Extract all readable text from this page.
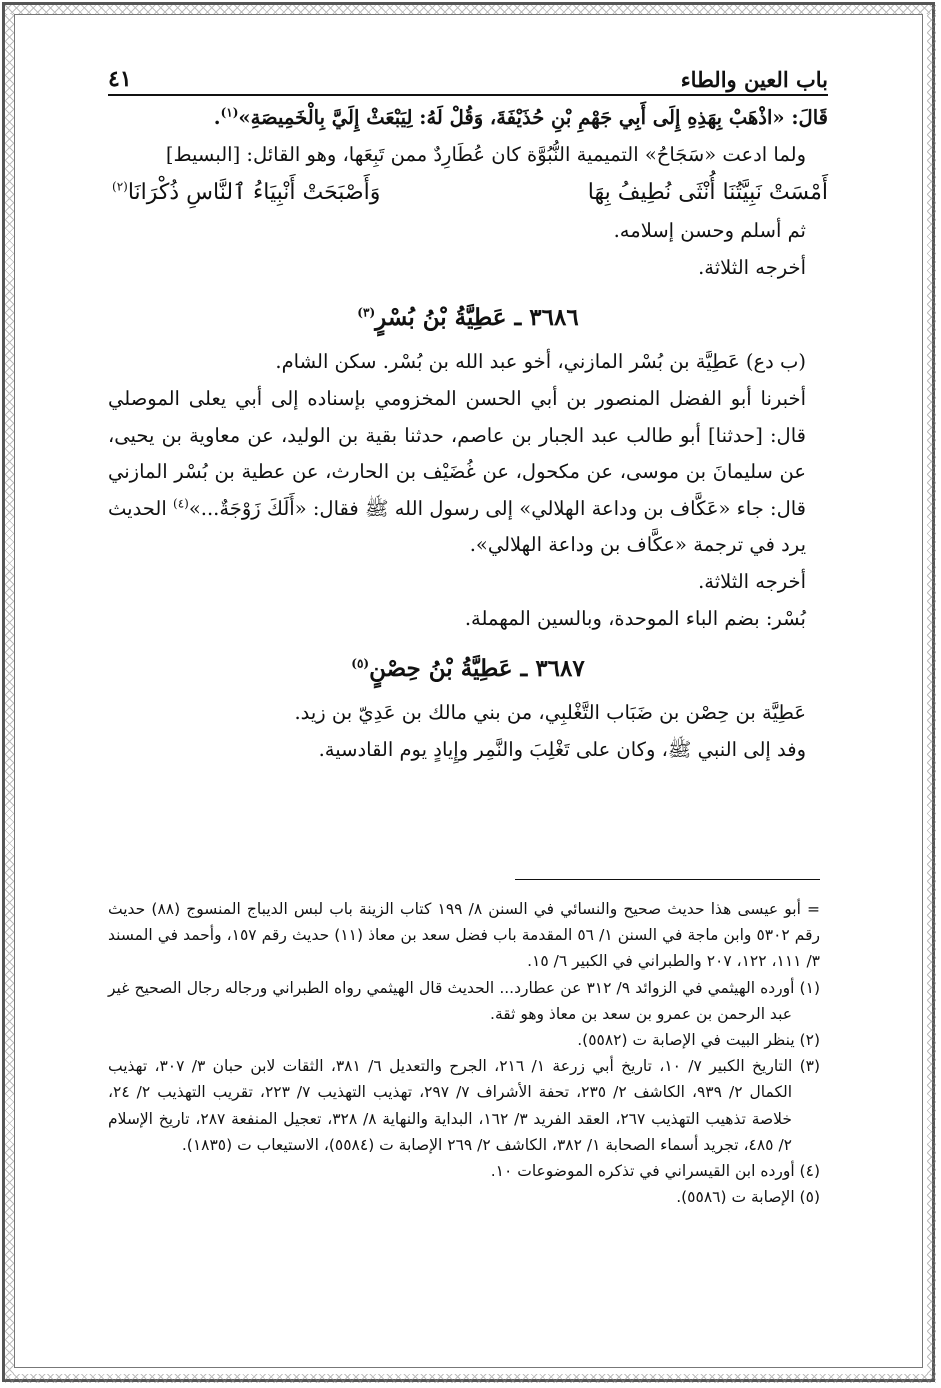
باب العين والطاء
٤١

قَالَ: «اذْهَبْ بِهَذِهِ إِلَى أَبِي جَهْمِ بْنِ حُذَيْفَةَ، وَقُلْ لَهُ: لِيَبْعَثْ إِلَيَّ بِالْخَمِيصَةِ»$^{(١)}$.

ولما ادعت «سَجَاحُ» التميمية النُّبُوَّة كان عُطَارِدٌ ممن تَبِعَها، وهو القائل: [البسيط]

أَمْسَتْ نَبِيَّتُنَا أُنْثَى نُطِيفُ بِهَا
وَأَصْبَحَتْ أَنْبِيَاءُ ٱلنَّاسِ ذُكْرَانَا$^{(٢)}$

ثم أسلم وحسن إسلامه.

أخرجه الثلاثة.

٣٦٨٦ ـ عَطِيَّةُ بْنُ بُسْرٍ$^{(٣)}$

(ب دع) عَطِيَّة بن بُسْر المازني، أخو عبد الله بن بُسْر. سكن الشام.

أخبرنا أبو الفضل المنصور بن أبي الحسن المخزومي بإسناده إلى أبي يعلى الموصلي قال: [حدثنا] أبو طالب عبد الجبار بن عاصم، حدثنا بقية بن الوليد، عن معاوية بن يحيى، عن سليمانَ بن موسى، عن مكحول، عن غُضَيْف بن الحارث، عن عطية بن بُسْر المازني قال: جاء «عَكَّاف بن وداعة الهلالي» إلى رسول الله ﷺ فقال: «أَلَكَ زَوْجَةٌ...»$^{(٤)}$ الحديث يرد في ترجمة «عكَّاف بن وداعة الهلالي».

أخرجه الثلاثة.

بُسْر: بضم الباء الموحدة، وبالسين المهملة.

٣٦٨٧ ـ عَطِيَّةُ بْنُ حِصْنٍ$^{(٥)}$

عَطِيَّة بن حِصْن بن ضَبَاب التَّغْلبِي، من بني مالك بن عَدِيّ بن زيد.

وفد إلى النبي ﷺ، وكان على تَغْلِبَ والنَّمِر وإِيادٍ يوم القادسية.

= أبو عيسى هذا حديث صحيح والنسائي في السنن ٨/ ١٩٩ كتاب الزينة باب لبس الديباج المنسوج (٨٨) حديث رقم ٥٣٠٢ وابن ماجة في السنن ١/ ٥٦ المقدمة باب فضل سعد بن معاذ (١١) حديث رقم ١٥٧، وأحمد في المسند ٣/ ١١١، ١٢٢، ٢٠٧ والطبراني في الكبير ٦/ ١٥.

(١) أورده الهيثمي في الزوائد ٩/ ٣١٢ عن عطارد... الحديث قال الهيثمي رواه الطبراني ورجاله رجال الصحيح غير عبد الرحمن بن عمرو بن سعد بن معاذ وهو ثقة.

(٢) ينظر البيت في الإصابة ت (٥٥٨٢).

(٣) التاريخ الكبير ٧/ ١٠، تاريخ أبي زرعة ١/ ٢١٦، الجرح والتعديل ٦/ ٣٨١، الثقات لابن حبان ٣/ ٣٠٧، تهذيب الكمال ٢/ ٩٣٩، الكاشف ٢/ ٢٣٥، تحفة الأشراف ٧/ ٢٩٧، تهذيب التهذيب ٧/ ٢٢٣، تقريب التهذيب ٢/ ٢٤، خلاصة تذهيب التهذيب ٢٦٧، العقد الفريد ٣/ ١٦٢، البداية والنهاية ٨/ ٣٢٨، تعجيل المنفعة ٢٨٧، تاريخ الإسلام ٢/ ٤٨٥، تجريد أسماء الصحابة ١/ ٣٨٢، الكاشف ٢/ ٢٦٩ الإصابة ت (٥٥٨٤)، الاستيعاب ت (١٨٣٥).

(٤) أورده ابن القيسراني في تذكره الموضوعات ١٠.

(٥) الإصابة ت (٥٥٨٦).
